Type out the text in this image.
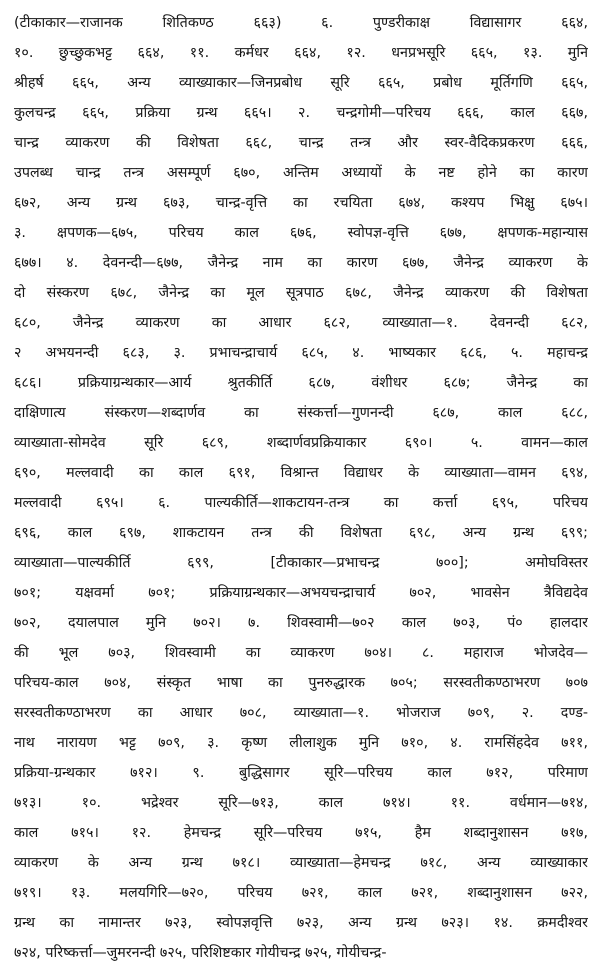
(टीकाकार—राजानक शितिकण्ठ ६६३) ६. पुण्डरीकाक्ष विद्यासागर ६६४,
१०. छुच्छुकभट्ट ६६४, ११. कर्मधर ६६४, १२. धनप्रभसूरि ६६५, १३. मुनि
श्रीहर्ष ६६५, अन्य व्याख्याकार—जिनप्रबोध सूरि ६६५, प्रबोध मूर्तिगणि ६६५,
कुलचन्द्र ६६५, प्रक्रिया ग्रन्थ ६६५। २. चन्द्रगोमी—परिचय ६६६, काल ६६७,
चान्द्र व्याकरण की विशेषता ६६८, चान्द्र तन्त्र और स्वर-वैदिकप्रकरण ६६६,
उपलब्ध चान्द्र तन्त्र असम्पूर्ण ६७०, अन्तिम अध्यायों के नष्ट होने का कारण
६७२, अन्य ग्रन्थ ६७३, चान्द्र-वृत्ति का रचयिता ६७४, कश्यप भिक्षु ६७५।
३. क्षपणक—६७५, परिचय काल ६७६, स्वोपज्ञ-वृत्ति ६७७, क्षपणक-महान्यास
६७७। ४. देवनन्दी—६७७, जैनेन्द्र नाम का कारण ६७७, जैनेन्द्र व्याकरण के
दो संस्करण ६७८, जैनेन्द्र का मूल सूत्रपाठ ६७८, जैनेन्द्र व्याकरण की विशेषता
६८०, जैनेन्द्र व्याकरण का आधार ६८२, व्याख्याता—१. देवनन्दी ६८२,
२ अभयनन्दी ६८३, ३. प्रभाचन्द्राचार्य ६८५, ४. भाष्यकार ६८६, ५. महाचन्द्र
६८६। प्रक्रियाग्रन्थकार—आर्य श्रुतकीर्ति ६८७, वंशीधर ६८७; जैनेन्द्र का
दाक्षिणात्य संस्करण—शब्दार्णव का संस्कर्त्ता—गुणनन्दी ६८७, काल ६८८,
व्याख्याता-सोमदेव सूरि ६८९, शब्दार्णवप्रक्रियाकार ६९०। ५. वामन—काल
६९०, मल्लवादी का काल ६९१, विश्रान्त विद्याधर के व्याख्याता—वामन ६९४,
मल्लवादी ६९५। ६. पाल्यकीर्ति—शाकटायन-तन्त्र का कर्त्ता ६९५, परिचय
६९६, काल ६९७, शाकटायन तन्त्र की विशेषता ६९८, अन्य ग्रन्थ ६९९;
व्याख्याता—पाल्यकीर्ति ६९९, [टीकाकार—प्रभाचन्द्र ७००]; अमोघविस्तर
७०१; यक्षवर्मा ७०१; प्रक्रियाग्रन्थकार—अभयचन्द्राचार्य ७०२, भावसेन त्रैविद्यदेव
७०२, दयालपाल मुनि ७०२। ७. शिवस्वामी—७०२ काल ७०३, पं० हालदार
की भूल ७०३, शिवस्वामी का व्याकरण ७०४। ८. महाराज भोजदेव—
परिचय-काल ७०४, संस्कृत भाषा का पुनरुद्धारक ७०५; सरस्वतीकण्ठाभरण ७०७
सरस्वतीकण्ठाभरण का आधार ७०८, व्याख्याता—१. भोजराज ७०९, २. दण्ड-
नाथ नारायण भट्ट ७०९, ३. कृष्ण लीलाशुक मुनि ७१०, ४. रामसिंहदेव ७११,
प्रक्रिया-ग्रन्थकार ७१२। ९. बुद्धिसागर सूरि—परिचय काल ७१२, परिमाण
७१३। १०. भद्रेश्वर सूरि—७१३, काल ७१४। ११. वर्धमान—७१४,
काल ७१५। १२. हेमचन्द्र सूरि—परिचय ७१५, हैम शब्दानुशासन ७१७,
व्याकरण के अन्य ग्रन्थ ७१८। व्याख्याता—हेमचन्द्र ७१८, अन्य व्याख्याकार
७१९। १३. मलयगिरि—७२०, परिचय ७२१, काल ७२१, शब्दानुशासन ७२२,
ग्रन्थ का नामान्तर ७२३, स्वोपज्ञवृत्ति ७२३, अन्य ग्रन्थ ७२३। १४. क्रमदीश्वर
७२४, परिष्कर्त्ता—जुमरनन्दी ७२५, परिशिष्टकार गोयीचन्द्र ७२५, गोयीचन्द्र-
